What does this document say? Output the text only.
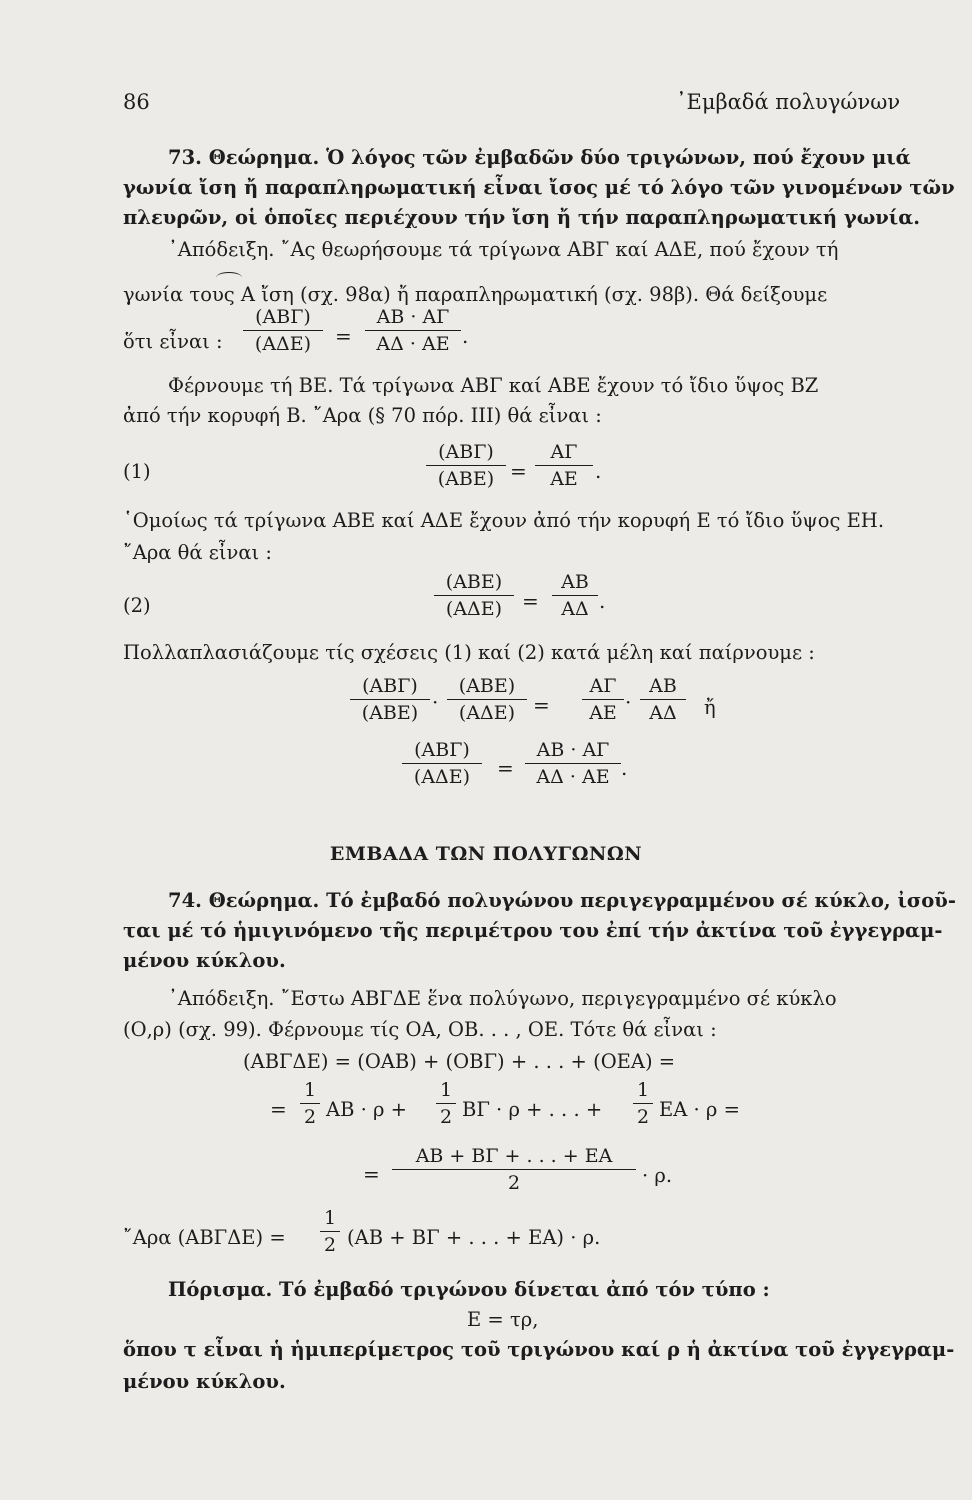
86	᾿Εμβαδά πολυγώνων
73. Θεώρημα. Ὁ λόγος τῶν ἐμβαδῶν δύο τριγώνων, πού ἔχουν μιά
γωνία ἴση ἤ παραπληρωματική εἶναι ἴσος μέ τό λόγο τῶν γινομένων τῶν
πλευρῶν, οἱ ὁποῖες περιέχουν τήν ἴση ἤ τήν παραπληρωματική γωνία.
᾿Απόδειξη. ῎Ας θεωρήσουμε τά τρίγωνα ΑΒΓ καί ΑΔΕ, πού ἔχουν τή
γωνία τους Α ἴση (σχ. 98α) ἤ παραπληρωματική (σχ. 98β). Θά δείξουμε
ὅτι εἶναι :
(ΑΒΓ)
(ΑΔΕ)	= $\frac{AB \cdot A\Gamma}{A\Delta \cdot AE}$ .
Φέρνουμε τή ΒΕ. Τά τρίγωνα ΑΒΓ καί ΑΒΕ ἔχουν τό ἴδιο ὕψος ΒΖ
ἀπό τήν κορυφή Β. ῎Αρα (§ 70 πόρ. ΙΙΙ) θά εἶναι :
(1)
(ΑΒΓ)
$(ABE) = \frac{A\Gamma}{AE}$ .
῾Ομοίως τά τρίγωνα ΑΒΕ καί ΑΔΕ ἔχουν ἀπό τήν κορυφή Ε τό ἴδιο ὕψος ΕΗ.
῎Αρα θά εἶναι :
(2)
(ΑΒΕ)
$(A\Delta E) = \frac{AB}{A\Delta}$ .
Πολλαπλασιάζουμε τίς σχέσεις (1) καί (2) κατά μέλη καί παίρνουμε :
(ΑΒΓ)
(ΑΒΕ) ·
(ΑΒΕ)
$(A\Delta E) = \frac{A\Gamma}{AE} \cdot \frac{AB}{A\Delta}$ ἤ
(ΑΒΓ)
(ΑΔΕ)	= $\frac{AB \cdot A\Gamma}{A\Delta \cdot AE}$ .
ΕΜΒΑΔΑ ΤΩΝ ΠΟΛΥΓΩΝΩΝ
74. Θεώρημα. Τό ἐμβαδό πολυγώνου περιγεγραμμένου σέ κύκλο, ἰσοῦ-
ται μέ τό ἡμιγινόμενο τῆς περιμέτρου του ἐπί τήν ἀκτίνα τοῦ ἐγγεγραμ-
μένου κύκλου.
᾿Απόδειξη. ῎Εστω ΑΒΓΔΕ ἕνα πολύγωνο, περιγεγραμμένο σέ κύκλο
(Ο,ρ) (σχ. 99). Φέρνουμε τίς ΟΑ, ΟΒ. . . , ΟΕ. Τότε θά εἶναι :
(ΑΒΓΔΕ) = (ΟΑΒ) + (ΟΒΓ) + . . . + (ΟΕΑ) =
= $\frac{1}{2}$ $AB \cdot \rho + \frac{1}{2}$ ΒΓ · ρ + . . . + $\frac{1}{2}$ ΕΑ · ρ =
= $\frac{AB + B\Gamma + . . . + EA}{2} \cdot \rho$.
῎Αρα $(AB\Gamma\Delta E) = \frac{1}{2} (AB + B\Gamma$ + . . . + ΕΑ) · ρ.
Πόρισμα. Τό ἐμβαδό τριγώνου δίνεται ἀπό τόν τύπο :
Ε = τρ,
ὅπου τ εἶναι ἡ ἡμιπερίμετρος τοῦ τριγώνου καί ρ ἡ ἀκτίνα τοῦ ἐγγεγραμ-
μένου κύκλου.
